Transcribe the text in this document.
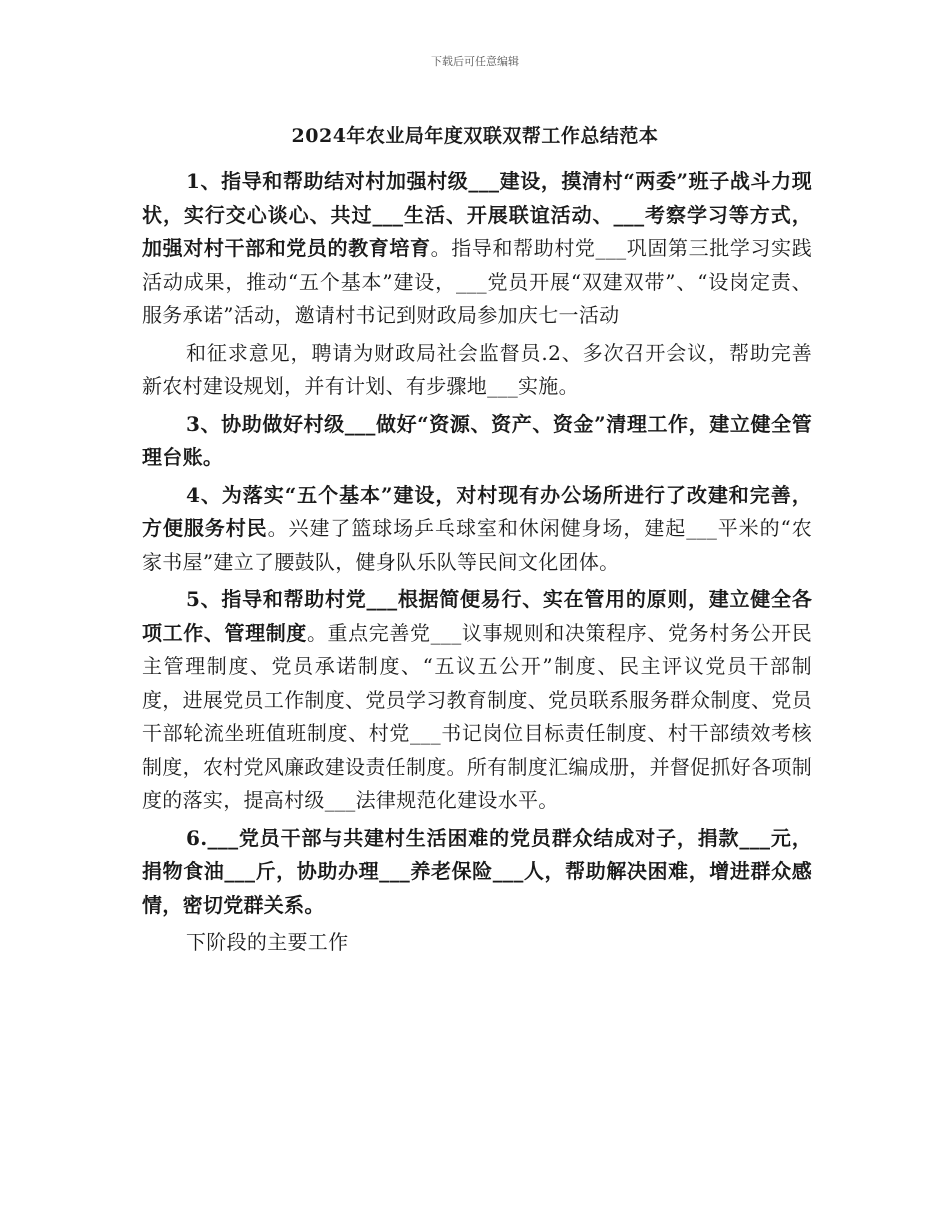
下载后可任意编辑
2024年农业局年度双联双帮工作总结范本

1、指导和帮助结对村加强村级___建设，摸清村“两委”班子战斗力现状，实行交心谈心、共过___生活、开展联谊活动、___考察学习等方式，加强对村干部和党员的教育培育。指导和帮助村党___巩固第三批学习实践活动成果，推动“五个基本”建设，___党员开展“双建双带”、“设岗定责、服务承诺”活动，邀请村书记到财政局参加庆七一活动

和征求意见，聘请为财政局社会监督员.2、多次召开会议，帮助完善新农村建设规划，并有计划、有步骤地___实施。

3、协助做好村级___做好“资源、资产、资金”清理工作，建立健全管理台账。

4、为落实“五个基本”建设，对村现有办公场所进行了改建和完善，方便服务村民。兴建了篮球场乒乓球室和休闲健身场，建起___平米的“农家书屋”建立了腰鼓队，健身队乐队等民间文化团体。

5、指导和帮助村党___根据简便易行、实在管用的原则，建立健全各项工作、管理制度。重点完善党___议事规则和决策程序、党务村务公开民主管理制度、党员承诺制度、“五议五公开”制度、民主评议党员干部制度，进展党员工作制度、党员学习教育制度、党员联系服务群众制度、党员干部轮流坐班值班制度、村党___书记岗位目标责任制度、村干部绩效考核制度，农村党风廉政建设责任制度。所有制度汇编成册，并督促抓好各项制度的落实，提高村级___法律规范化建设水平。

6.___党员干部与共建村生活困难的党员群众结成对子，捐款___元，捐物食油___斤，协助办理___养老保险___人，帮助解决困难，增进群众感情，密切党群关系。

下阶段的主要工作
